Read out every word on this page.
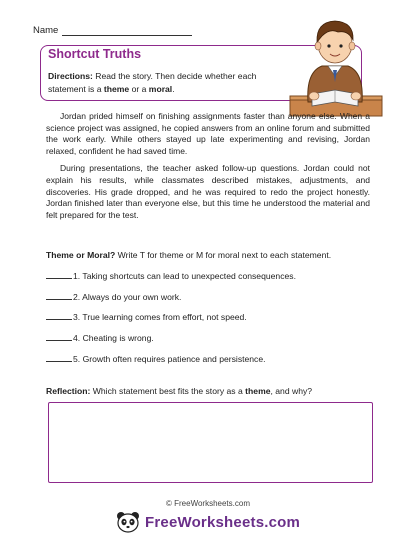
Name
Shortcut Truths
Directions: Read the story. Then decide whether each statement is a theme or a moral.

Jordan prided himself on finishing assignments faster than anyone else. When a science project was assigned, he copied answers from an online forum and submitted the work early. While others stayed up late experimenting and revising, Jordan relaxed, confident he had saved time.

During presentations, the teacher asked follow-up questions. Jordan could not explain his results, while classmates described mistakes, adjustments, and discoveries. His grade dropped, and he was required to redo the project honestly. Jordan finished later than everyone else, but this time he understood the material and felt prepared for the test.

Theme or Moral? Write T for theme or M for moral next to each statement.
1. Taking shortcuts can lead to unexpected consequences.
2. Always do your own work.
3. True learning comes from effort, not speed.
4. Cheating is wrong.
5. Growth often requires patience and persistence.
Reflection: Which statement best fits the story as a theme, and why?
© FreeWorksheets.com
FreeWorksheets.com
